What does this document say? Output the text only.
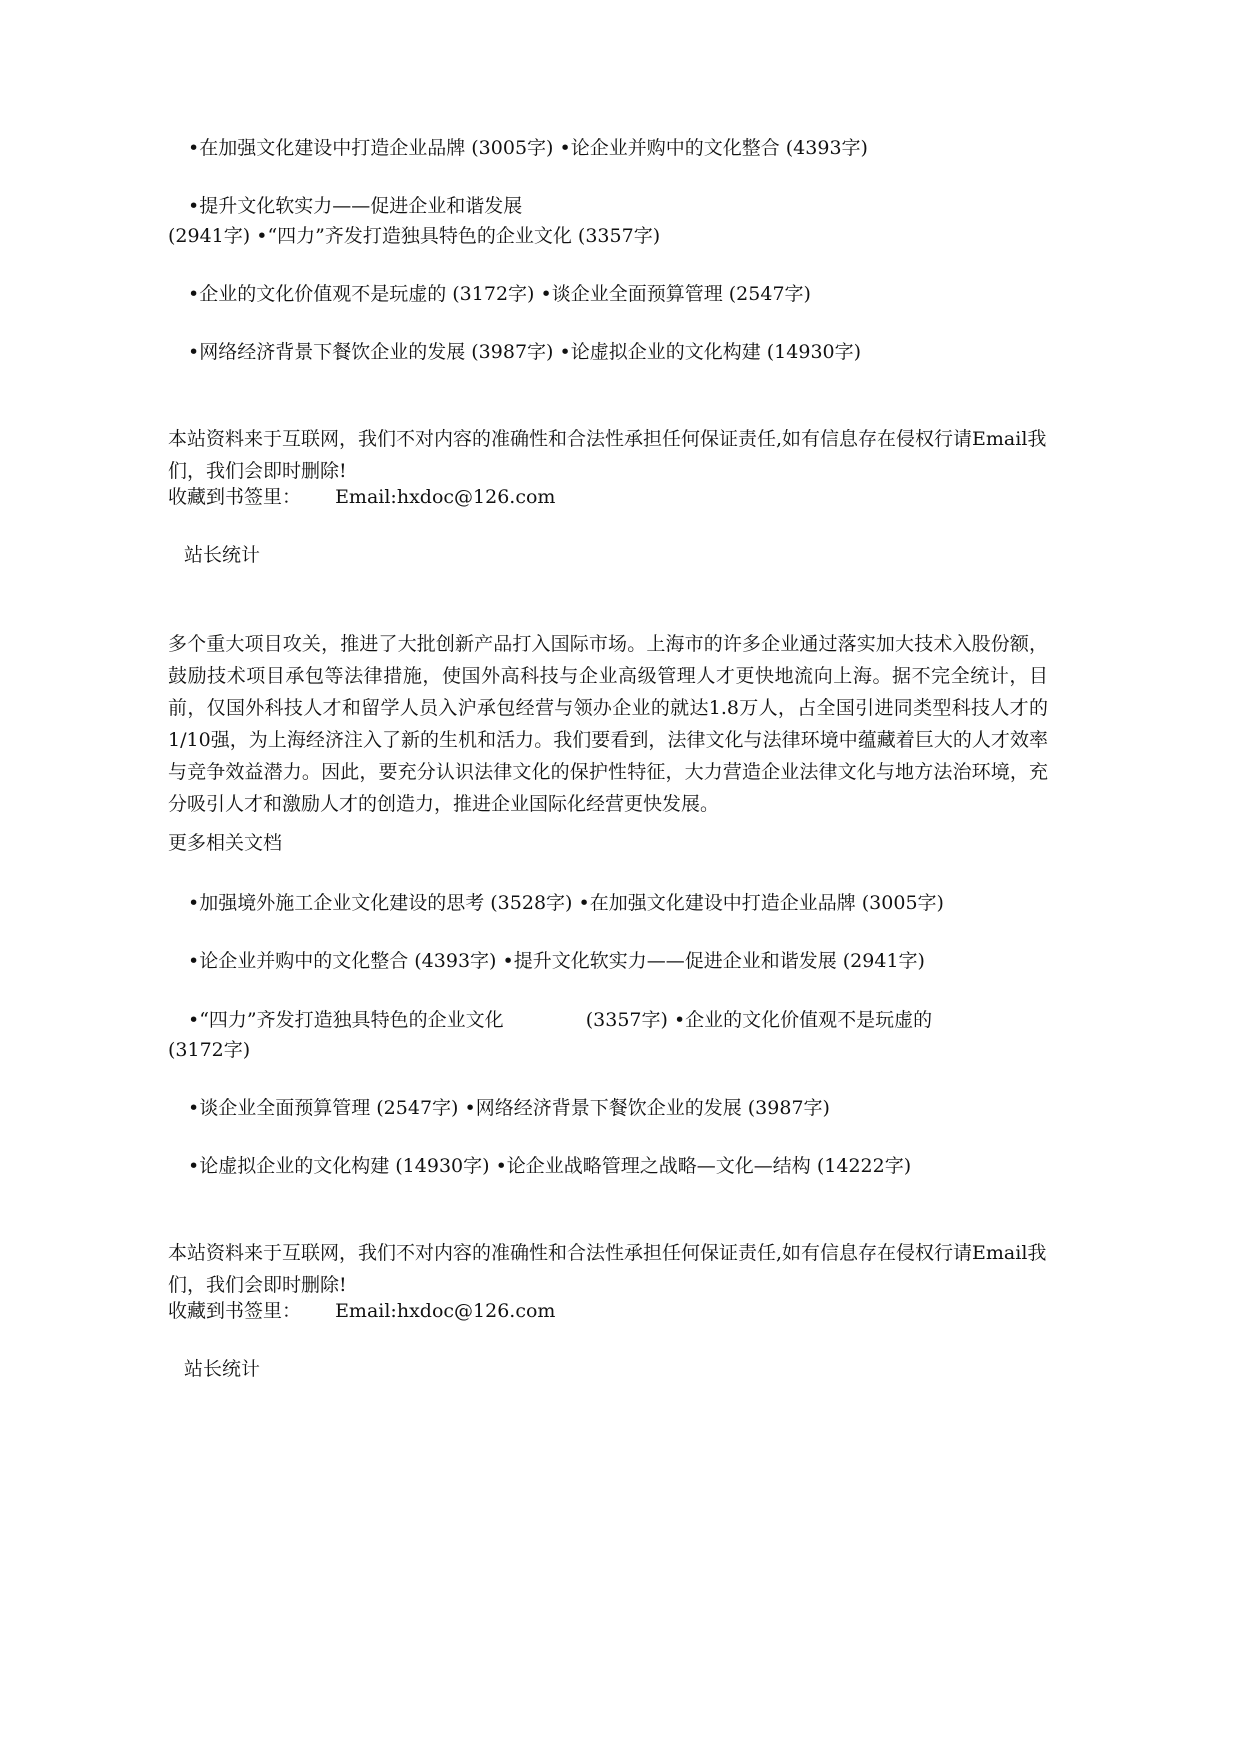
•在加强文化建设中打造企业品牌 (3005字) •论企业并购中的文化整合 (4393字)
•提升文化软实力——促进企业和谐发展
(2941字) •“四力”齐发打造独具特色的企业文化 (3357字)
•企业的文化价值观不是玩虚的 (3172字) •谈企业全面预算管理 (2547字)
•网络经济背景下餐饮企业的发展 (3987字) •论虚拟企业的文化构建 (14930字)
本站资料来于互联网，我们不对内容的准确性和合法性承担任何保证责任,如有信息存在侵权行请Email我们，我们会即时删除!
收藏到书签里： Email:hxdoc@126.com
站长统计
多个重大项目攻关，推进了大批创新产品打入国际市场。上海市的许多企业通过落实加大技术入股份额，鼓励技术项目承包等法律措施，使国外高科技与企业高级管理人才更快地流向上海。据不完全统计，目前，仅国外科技人才和留学人员入沪承包经营与领办企业的就达1.8万人，占全国引进同类型科技人才的1/10强，为上海经济注入了新的生机和活力。我们要看到，法律文化与法律环境中蕴藏着巨大的人才效率与竞争效益潜力。因此，要充分认识法律文化的保护性特征，大力营造企业法律文化与地方法治环境，充分吸引人才和激励人才的创造力，推进企业国际化经营更快发展。
更多相关文档
•加强境外施工企业文化建设的思考 (3528字) •在加强文化建设中打造企业品牌 (3005字)
•论企业并购中的文化整合 (4393字) •提升文化软实力——促进企业和谐发展 (2941字)
•“四力”齐发打造独具特色的企业文化	(3357字) •企业的文化价值观不是玩虚的
(3172字)
•谈企业全面预算管理 (2547字) •网络经济背景下餐饮企业的发展 (3987字)
•论虚拟企业的文化构建 (14930字) •论企业战略管理之战略—文化—结构 (14222字)
本站资料来于互联网，我们不对内容的准确性和合法性承担任何保证责任,如有信息存在侵权行请Email我们，我们会即时删除!
收藏到书签里： Email:hxdoc@126.com
站长统计
